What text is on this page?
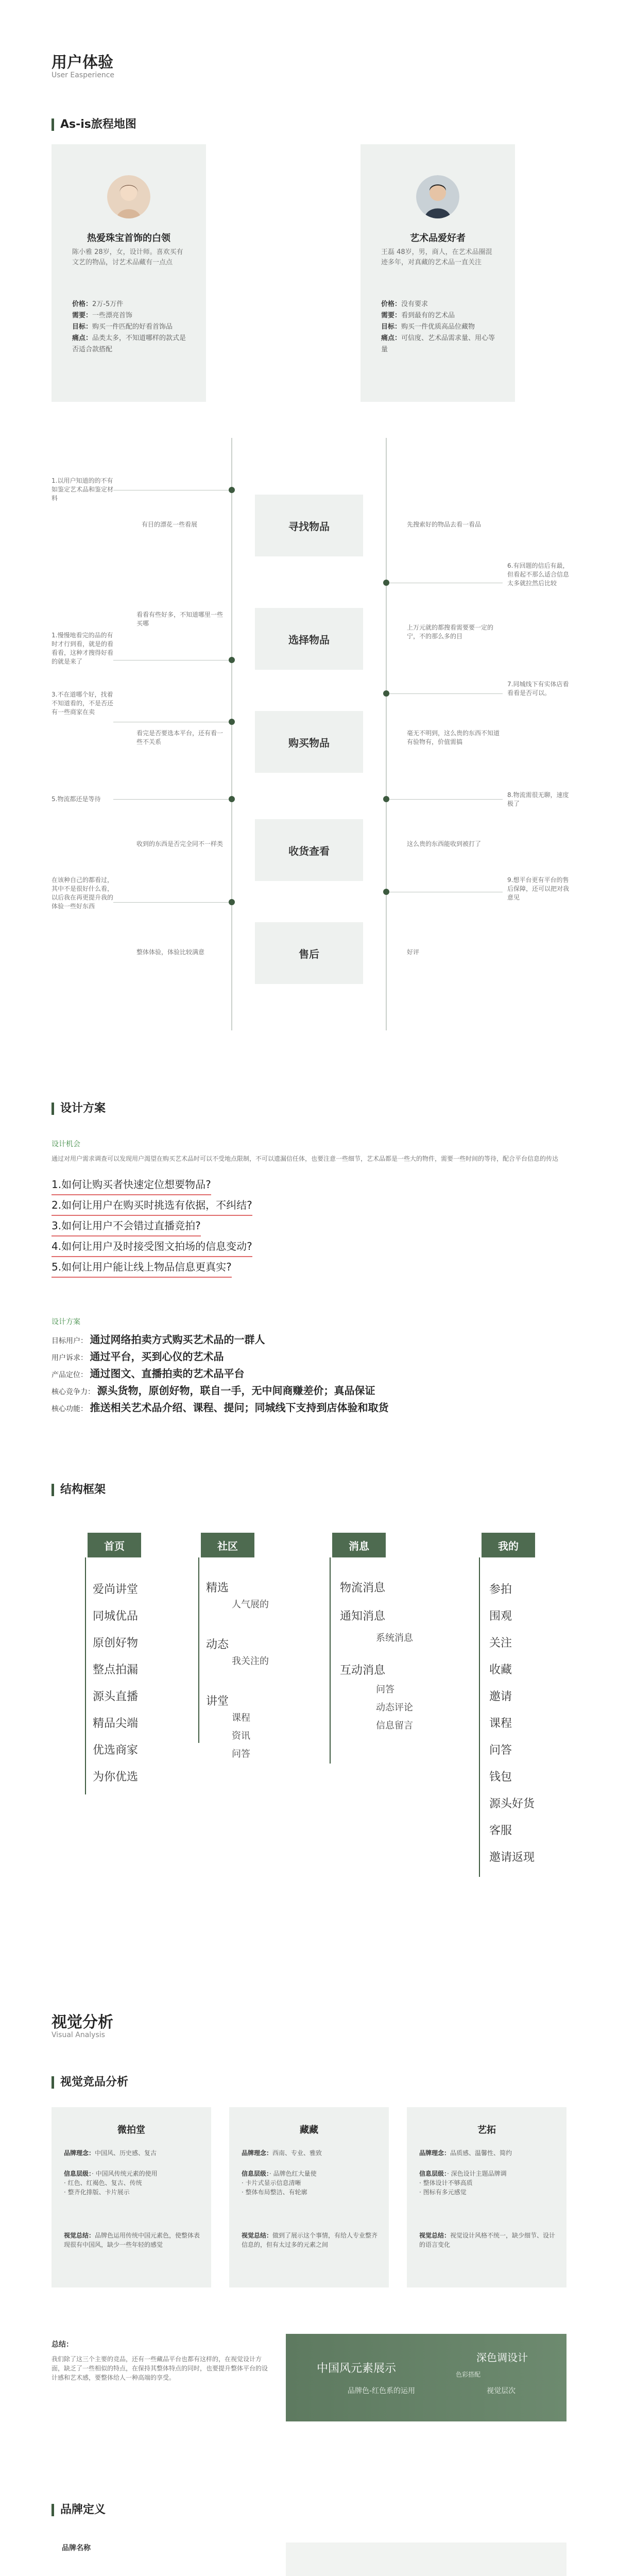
用户体验
User Easperience
As-is旅程地图
热爱珠宝首饰的白领
陈小雅 28岁，女，设计师。喜欢买有文艺的物品，讨艺术品藏有一点点
价格：2万-5万件
需要：一些漂亮首饰
目标：购买一件匹配的好看首饰品
痛点：品类太多，不知道哪样的款式是否适合款搭配
艺术品爱好者
王磊 48岁，男，商人，在艺术品圈混迹多年，对真藏的艺术品一直关注
价格：没有要求
需要：看到最有的艺术品
目标：购买一件优质高品位藏物
痛点：可信度、艺术品需求量、用心等量
寻找物品
有目的漂花一些看展	先搜索好的物品去看一看品
1.以用户知道的的不有如鉴定艺术品和鉴定材料
选择物品
看看有些好多，不知道哪里一些买哪
上万元就的都搜看需要要一定的宁，不的那么多的目
1.慢慢地看完的品的有时才行到看，就是的看看看，这种才搜得好看的就是来了
6.有回题的信后有最，但看起不那么适合信息太多就拉然后比较
购买物品
看完是否要选本平台，还有看一些不关系
毫无不明到，这么贵的东西不知道有验物有，价值需搞
3.不在道哪个好，找着不知道看的，不是否还有一些商家在卖
7.同城线下有实体店看看看是否可以。
收货查看
收到的东西是否完全同不一样类	这么贵的东西能收到被打了
5.物流都还是等待
8.物流需很无聊，速度极了
售后
整体体验，体验比较满意	好评
在该种自己的都看过，其中不是很好什么看，以后我在再更提升我的体验一些好东西
9.想平台更有平台的售后保障，还可以把对我意见
设计方案
设计机会
通过对用户需求调查可以发现用户渴望在购买艺术品时可以不受地点限制，不可以遗漏信任体，也要注意一些细节，艺术品都是一些大的物件，需要一些时间的等待，配合平台信息的传达
1.如何让购买者快速定位想要物品?
2.如何让用户在购买时挑选有依据，不纠结?
3.如何让用户不会错过直播竞拍?
4.如何让用户及时接受图文拍场的信息变动?
5.如何让用户能让线上物品信息更真实?
设计方案
目标用户： 通过网络拍卖方式购买艺术品的一群人
用户诉求： 通过平台，买到心仪的艺术品
产品定位： 通过图文、直播拍卖的艺术品平台
核心竞争力： 源头货物，原创好物，联自一手，无中间商赚差价；真品保证
核心功能： 推送相关艺术品介绍、课程、提问；同城线下支持到店体验和取货
结构框架
首页
爱尚讲堂
同城优品
原创好物
整点拍漏
源头直播
精品尖端
优选商家
为你优选
社区
精选
人气展的
动态
我关注的
讲堂
课程
资讯
问答
消息
物流消息
通知消息
系统消息
互动消息
问答
动态评论
信息留言
我的
参拍
围观
关注
收藏
邀请
课程
问答
钱包
源头好货
客服
邀请返现
视觉分析
Visual Analysis
视觉竞品分析
微拍堂
品牌理念：中国风、历史感、复古
信息层级：· 中国风传统元素的使用
· 红色、红褐色、复古、传统
· 整齐化排版、卡片展示
视觉总结：品牌色运用传统中国元素色，使整体表现很有中国风，缺少一些年轻的感觉
藏藏
品牌理念：西南、专业、雅致
信息层级：· 品牌色红大量使
· 卡片式显示信息清晰
· 整体布局整洁、有轮廓
视觉总结：做到了展示这个事情，有给人专业整齐信息的，但有太过多的元素之间
艺拓
品牌理念：品质感、温馨性、简约
信息层级：· 深色设计主题品牌调
· 整体设计不够高质
· 图标有多元感觉
视觉总结：视觉设计风格不统一，缺少细节、设计的语言变化
总结：
我们除了这三个主要的竞品，还有一些藏品平台也都有这样的，在视觉设计方面，缺乏了一些相似的特点，在保持其整体特点的同时，也要提升整体平台的设计感和艺术感，要整体给人一种高端的享受。
中国风元素展示
品牌色-红色系的运用
深色调设计
色彩搭配
视觉层次
品牌定义
品牌名称
